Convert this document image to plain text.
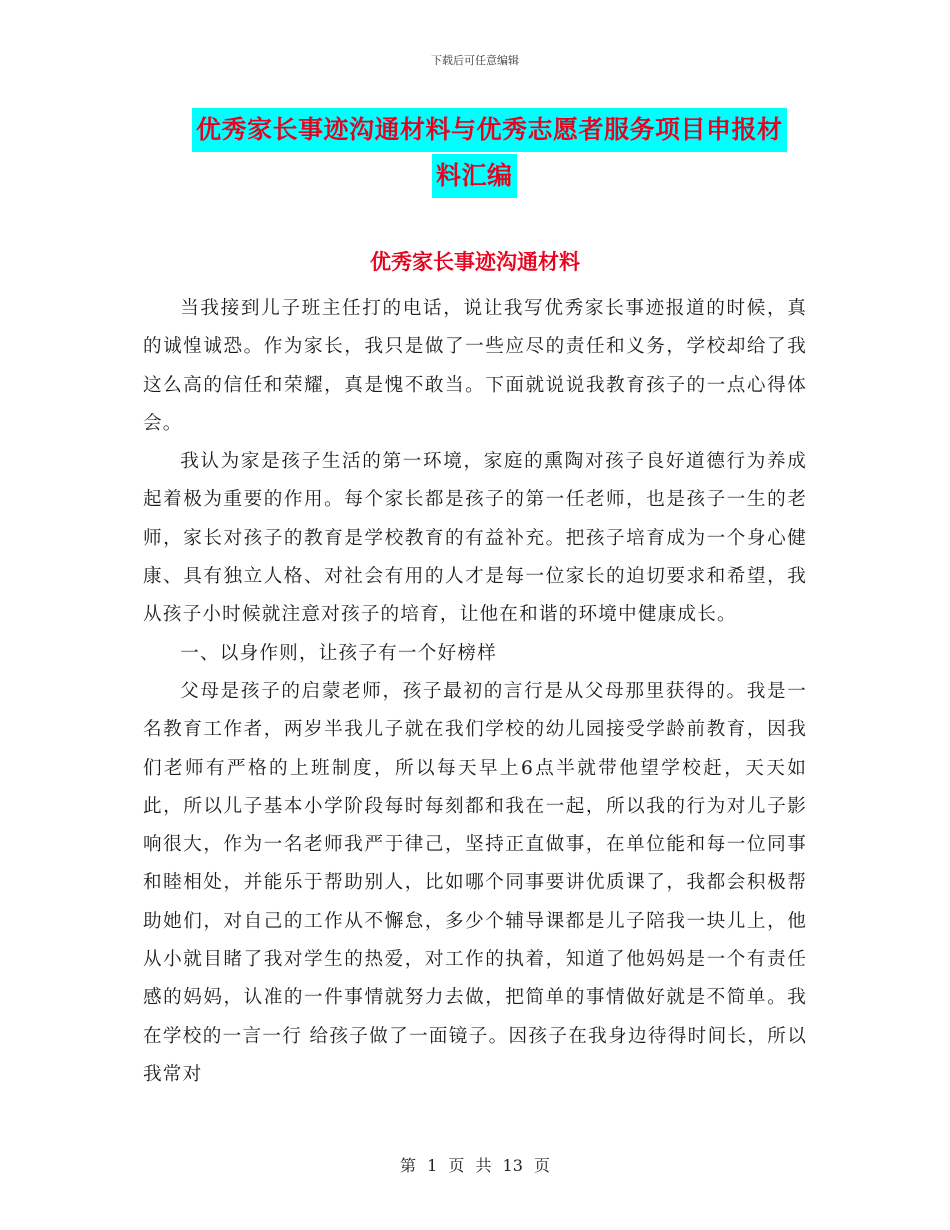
下载后可任意编辑
优秀家长事迹沟通材料与优秀志愿者服务项目申报材
料汇编
优秀家长事迹沟通材料

当我接到儿子班主任打的电话，说让我写优秀家长事迹报道的时候，真的诚惶诚恐。作为家长，我只是做了一些应尽的责任和义务，学校却给了我这么高的信任和荣耀，真是愧不敢当。下面就说说我教育孩子的一点心得体会。

我认为家是孩子生活的第一环境，家庭的熏陶对孩子良好道德行为养成起着极为重要的作用。每个家长都是孩子的第一任老师，也是孩子一生的老师，家长对孩子的教育是学校教育的有益补充。把孩子培育成为一个身心健康、具有独立人格、对社会有用的人才是每一位家长的迫切要求和希望，我从孩子小时候就注意对孩子的培育，让他在和谐的环境中健康成长。

一、以身作则，让孩子有一个好榜样

父母是孩子的启蒙老师，孩子最初的言行是从父母那里获得的。我是一名教育工作者，两岁半我儿子就在我们学校的幼儿园接受学龄前教育，因我们老师有严格的上班制度，所以每天早上6点半就带他望学校赶，天天如此，所以儿子基本小学阶段每时每刻都和我在一起，所以我的行为对儿子影响很大，作为一名老师我严于律己，坚持正直做事，在单位能和每一位同事和睦相处，并能乐于帮助别人，比如哪个同事要讲优质课了，我都会积极帮助她们，对自己的工作从不懈怠，多少个辅导课都是儿子陪我一块儿上，他从小就目睹了我对学生的热爱，对工作的执着，知道了他妈妈是一个有责任感的妈妈，认准的一件事情就努力去做，把简单的事情做好就是不简单。我在学校的一言一行 给孩子做了一面镜子。因孩子在我身边待得时间长，所以我常对

第 1 页 共 13 页
